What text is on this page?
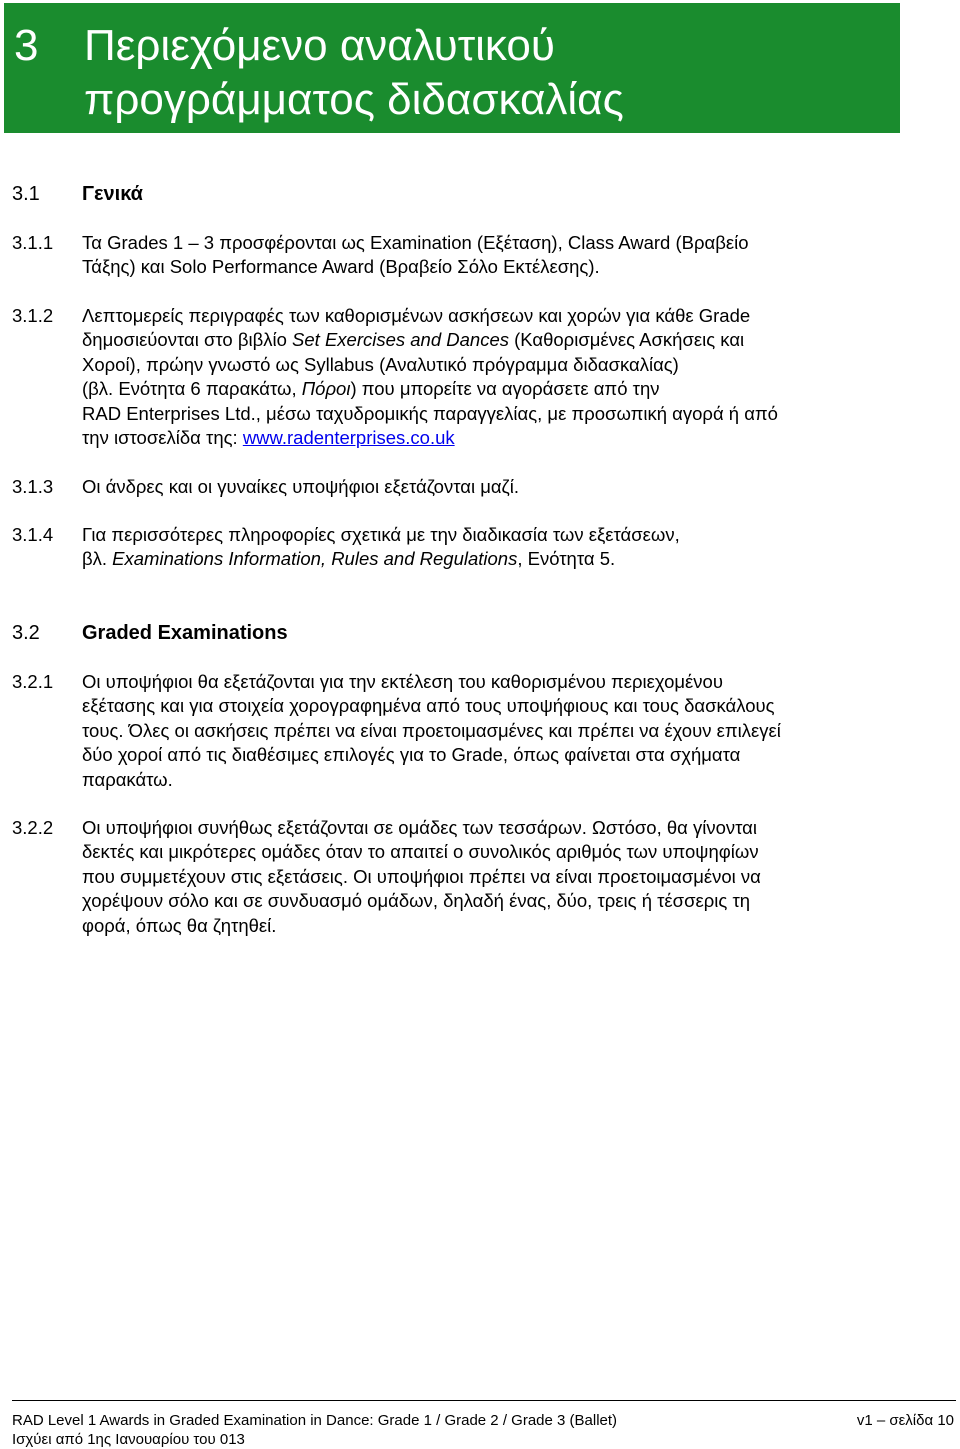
3 Περιεχόμενο αναλυτικού
προγράμματος διδασκαλίας
3.1 Γενικά
3.1.1 Τα Grades 1 – 3 προσφέρονται ως Examination (Εξέταση), Class Award (Βραβείο
Τάξης) και Solo Performance Award (Βραβείο Σόλο Εκτέλεσης).
3.1.2 Λεπτομερείς περιγραφές των καθορισμένων ασκήσεων και χορών για κάθε Grade
δημοσιεύονται στο βιβλίο Set Exercises and Dances (Καθορισμένες Ασκήσεις και
Χοροί), πρώην γνωστό ως Syllabus (Αναλυτικό πρόγραμμα διδασκαλίας)
(βλ. Ενότητα 6 παρακάτω, Πόροι) που μπορείτε να αγοράσετε από την
RAD Enterprises Ltd., μέσω ταχυδρομικής παραγγελίας, με προσωπική αγορά ή από
την ιστοσελίδα της: www.radenterprises.co.uk
3.1.3 Οι άνδρες και οι γυναίκες υποψήφιοι εξετάζονται μαζί.
3.1.4 Για περισσότερες πληροφορίες σχετικά με την διαδικασία των εξετάσεων,
βλ. Examinations Information, Rules and Regulations, Ενότητα 5.
3.2 Graded Examinations
3.2.1 Οι υποψήφιοι θα εξετάζονται για την εκτέλεση του καθορισμένου περιεχομένου
εξέτασης και για στοιχεία χορογραφημένα από τους υποψήφιους και τους δασκάλους
τους. Όλες οι ασκήσεις πρέπει να είναι προετοιμασμένες και πρέπει να έχουν επιλεγεί
δύο χοροί από τις διαθέσιμες επιλογές για το Grade, όπως φαίνεται στα σχήματα
παρακάτω.
3.2.2 Οι υποψήφιοι συνήθως εξετάζονται σε ομάδες των τεσσάρων. Ωστόσο, θα γίνονται
δεκτές και μικρότερες ομάδες όταν το απαιτεί ο συνολικός αριθμός των υποψηφίων
που συμμετέχουν στις εξετάσεις. Οι υποψήφιοι πρέπει να είναι προετοιμασμένοι να
χορέψουν σόλο και σε συνδυασμό ομάδων, δηλαδή ένας, δύο, τρεις ή τέσσερις τη
φορά, όπως θα ζητηθεί.
RAD Level 1 Awards in Graded Examination in Dance: Grade 1 / Grade 2 / Grade 3 (Ballet)
Ισχύει από 1ης Ιανουαρίου του 013
v1 – σελίδα 10
